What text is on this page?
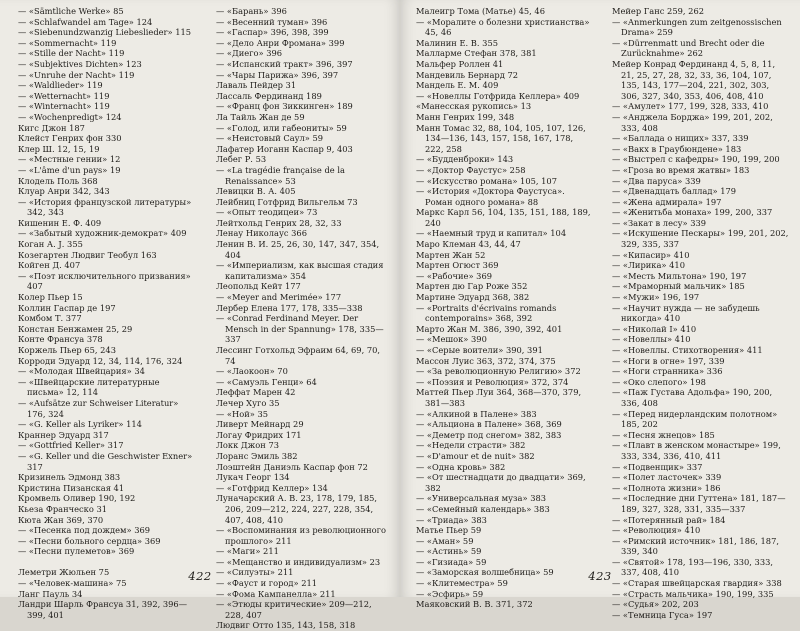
— «Sämtliche Werke» 85
— «Schlafwandel am Tage» 124
— «Siebenundzwanzig Liebeslieder» 115
— «Sommernacht» 119
— «Stille der Nacht» 119
— «Subjektives Dichten» 123
— «Unruhe der Nacht» 119
— «Waldlieder» 119
— «Wetternacht» 119
— «Winternacht» 119
— «Wochenpredigt» 124
Кигс Джон 187
Клейст Генрих фон 330
Клер Ш. 12, 15, 19
— «Местные гении» 12
— «L'âme d'un pays» 19
Клодель Поль 368
Клуар Анри 342, 343
— «История французской литературы» 342, 343
Кишенин Е. Ф. 409
— «Забытый художник-демократ» 409
Коган А. Ј. 355
Козегартен Людвиг Теобул 163
Койген Д. 407
— «Поэт исключительного призвания» 407
Колер Пьер 15
Коллин Гаспар де 197
Комбом Т. 377
Констан Бенжамен 25, 29
Конте Франсуа 378
Коржель Пьер 65, 243
Корроди Эдуард 12, 34, 114, 176, 324
— «Молодая Швейцария» 34
— «Швейцарские литературные письма» 12, 114
— «Aufsätze zur Schweiser Literatur» 176, 324
— «G. Keller als Lyriker» 114
Краннер Эдуард 317
— «Gottfried Keller» 317
— «G. Keller und die Geschwister Exner» 317
Кризинель Эдмонд 383
Кристина Пизанская 41
Кромвель Оливер 190, 192
Кьеза Франческо 31
Кюта Жан 369, 370
— «Песенка под дождем» 369
— «Песни больного сердца» 369
— «Песни пулеметов» 369

Леметри Жюльен 75
— «Человек-машина» 75
Ланг Пауль 34
Ландри Шарль Франсуа 31, 392, 396—399, 401
— «Барань» 396
— «Весенний туман» 396
— «Гаспар» 396, 398, 399
— «Дело Анри Фромана» 399
— «Диего» 396
— «Испанский тракт» 396, 397
— «Чары Парижа» 396, 397
Лаваль Пейдер 31
Лассаль Фердинанд 189
— «Франц фон Зиккинген» 189
Ла Тайль Жан де 59
— «Голод, или габеониты» 59
— «Неистовый Саул» 59
Лафатер Иоганн Каспар 9, 403
Лебег Р. 53
— «La tragédie française de la Renaissance» 53
Левицки В. А. 405
Лейбниц Готфрид Вильгельм 73
— «Опыт теодицеи» 73
Лейтхольд Генрих 28, 32, 33
Ленау Николаус 366
Ленин В. И. 25, 26, 30, 147, 347, 354, 404
— «Империализм, как высшая стадия капитализма» 354
Леопольд Кейт 177
— «Meyer and Merimée» 177
Лербер Елена 177, 178, 335—338
— «Conrad Ferdinand Meyer. Der Mensch in der Spannung» 178, 335—337
Лессинг Готхольд Эфраим 64, 69, 70, 74
— «Лаокоон» 70
— «Самуэль Генци» 64
Леффат Марен 42
Лечер Хуго 35
— «Ной» 35
Ливерт Мейнард 29
Логау Фридрих 171
Локк Джон 73
Лоранс Эмиль 382
Лоэштейн Даниэль Каспар фон 72
Лукач Георг 134
— «Готфрид Келлер» 134
Луначарский А. В. 23, 178, 179, 185, 206, 209—212, 224, 227, 228, 354, 407, 408, 410
— «Воспоминания из революционного прошлого» 211
— «Маги» 211
— «Мещанство и индивидуализм» 23
— «Силуэты» 211
— «Фауст и город» 211
— «Фома Кампанелла» 211
— «Этюды критические» 209—212, 228, 407
Людвиг Отто 135, 143, 158, 318
422
Малеигр Тома (Матье) 45, 46
— «Моралите о болезни христианства» 45, 46
Малинин Е. В. 355
Малларме Стефан 378, 381
Мальфер Роллен 41
Мандевиль Бернард 72
Мандель Е. М. 409
— «Новеллы Готфрида Келлера» 409
«Манесская рукопись» 13
Манн Генрих 199, 348
Манн Томас 32, 88, 104, 105, 107, 126, 134—136, 143, 157, 158, 167, 178, 222, 258
— «Будденброки» 143
— «Доктор Фаустус» 258
— «Искусство романа» 105, 107
— «История «Доктора Фаустуса». Роман одного романа» 88
Маркс Карл 56, 104, 135, 151, 188, 189, 240
— «Наемный труд и капитал» 104
Маро Клеман 43, 44, 47
Мартен Жан 52
Мартен Огюст 369
— «Рабочие» 369
Мартен дю Гар Роже 352
Мартине Эдуард 368, 382
— «Portraits d'écrivains romands contemporains» 368, 392
Марто Жан М. 386, 390, 392, 401
— «Мешок» 390
— «Серые воители» 390, 391
Массон Луис 363, 372, 374, 375
— «За революционную Религию» 372
— «Поэзия и Революция» 372, 374
Маттей Пьер Луи 364, 368—370, 379, 381—383
— «Алкиной в Палене» 383
— «Альциона в Палене» 368, 369
— «Деметр под снегом» 382, 383
— «Недели страсти» 382
— «D'amour et de nuit» 382
— «Одна кровь» 382
— «От шестнадцати до двадцати» 369, 382
— «Универсальная муза» 383
— «Семейный календарь» 383
— «Триада» 383
Матье Пьер 59
— «Аман» 59
— «Астинь» 59
— «Гизиада» 59
— «Заморская волшебница» 59
— «Клитеместра» 59
— «Эсфирь» 59
Маяковский В. В. 371, 372
Мейер Ганс 259, 262
— «Anmerkungen zum zeitgenossischen Drama» 259
— «Dürrenmatt und Brecht oder die Zurücknahme» 262
Мейер Конрад Фердинанд 4, 5, 8, 11, 21, 25, 27, 28, 32, 33, 36, 104, 107, 135, 143, 177—204, 221, 302, 303, 306, 327, 340, 353, 406, 408, 410
— «Амулет» 177, 199, 328, 333, 410
— «Анджела Борджа» 199, 201, 202, 333, 408
— «Баллада о нищих» 337, 339
— «Вакх в Граубюндене» 183
— «Выстрел с кафедры» 190, 199, 200
— «Гроза во время жатвы» 183
— «Два паруса» 339
— «Двенадцать баллад» 179
— «Жена адмирала» 197
— «Женитьба монаха» 199, 200, 337
— «Закат в лесу» 339
— «Искушение Пескары» 199, 201, 202, 329, 335, 337
— «Кипасир» 410
— «Лирика» 410
— «Месть Мильтона» 190, 197
— «Мраморный мальчик» 185
— «Мужи» 196, 197
— «Научит нужда — не забудешь никогда» 410
— «Николай I» 410
— «Новеллы» 410
— «Новеллы. Стихотворения» 411
— «Ноги в огне» 197, 339
— «Ноги странника» 336
— «Око слепого» 198
— «Паж Густава Адольфа» 190, 200, 336, 408
— «Перед нидерландским полотном» 185, 202
— «Песня жнецов» 185
— «Плавт в женском монастыре» 199, 333, 334, 336, 410, 411
— «Подвенщик» 337
— «Полет ласточек» 339
— «Полнота жизни» 186
— «Последние дни Гуттена» 181, 187—189, 327, 328, 331, 335—337
— «Потерянный рай» 184
— «Революция» 410
— «Римский источник» 181, 186, 187, 339, 340
— «Святой» 178, 193—196, 330, 333, 337, 408, 410
— «Старая швейцарская гвардия» 338
— «Страсть мальчика» 190, 199, 335
— «Судья» 202, 203
— «Темница Гуса» 197
423
